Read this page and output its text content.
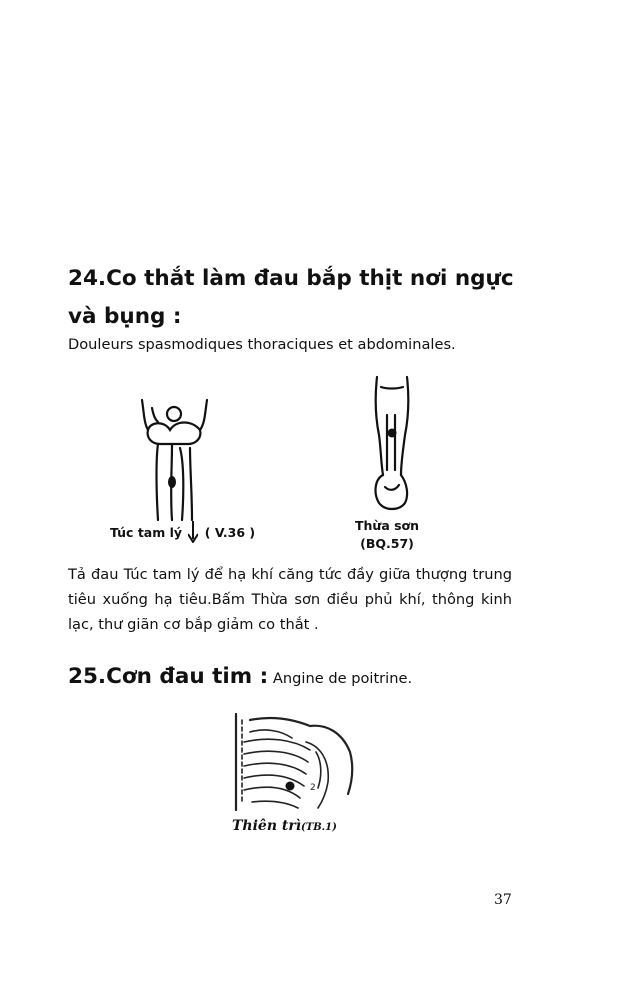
24.Co thắt làm đau bắp thịt nơi ngực và bụng :
Douleurs spasmodiques thoraciques et abdominales.
Túc tam lý ( V.36 )	Thừa sơn
(BQ.57)
Tả đau Túc tam lý để hạ khí căng tức đầy giữa thượng trung tiêu xuống hạ tiêu.Bấm Thừa sơn điều phủ khí, thông kinh lạc, thư giãn cơ bắp giảm co thắt .
25.Cơn đau tim : Angine de poitrine.
2
Thiên trì(TB.1)
37
